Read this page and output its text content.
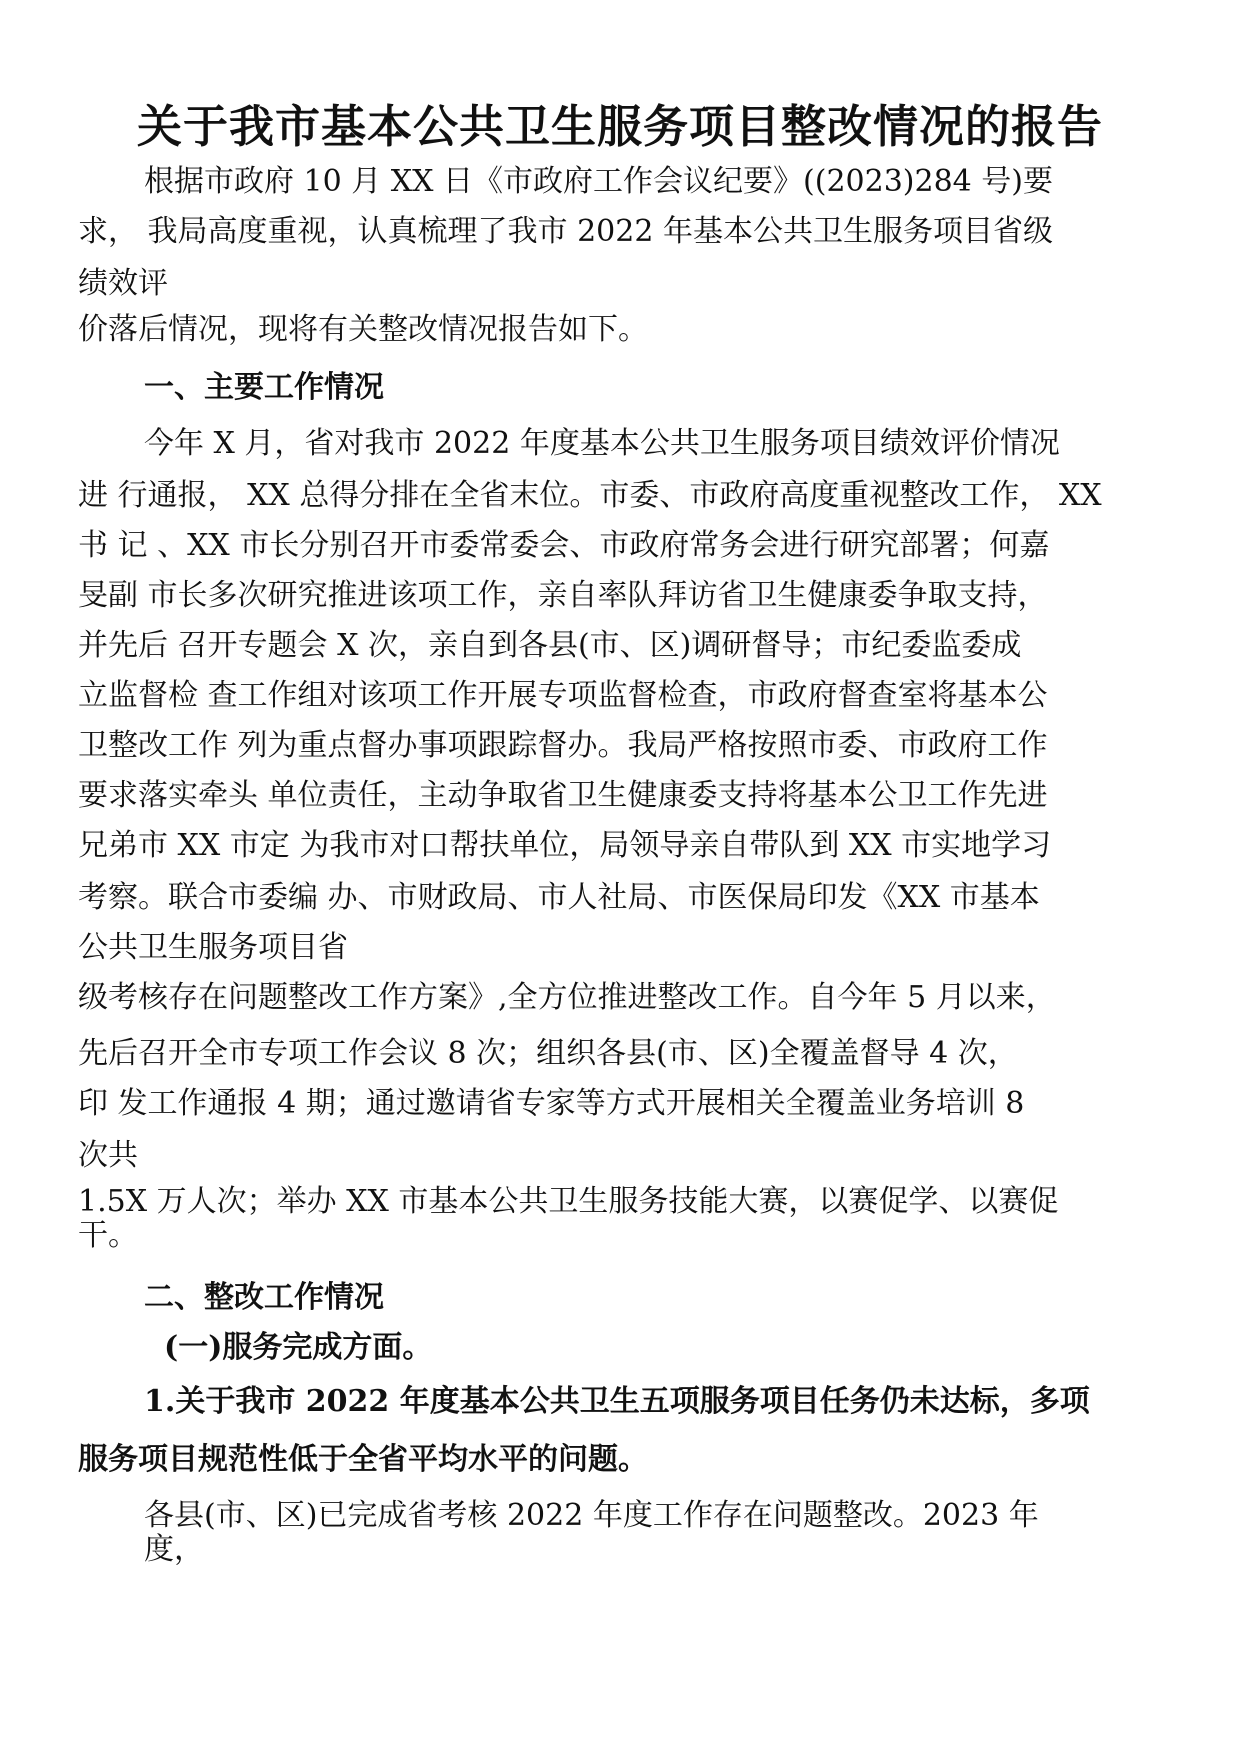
关于我市基本公共卫生服务项目整改情况的报告
根据市政府 10 月 XX 日《市政府工作会议纪要》((2023)284 号)要
求， 我局高度重视，认真梳理了我市 2022 年基本公共卫生服务项目省级
绩效评
价落后情况，现将有关整改情况报告如下。
一、主要工作情况
今年 X 月，省对我市 2022 年度基本公共卫生服务项目绩效评价情况
进 行通报， XX 总得分排在全省末位。市委、市政府高度重视整改工作， XX
书 记 、XX 市长分别召开市委常委会、市政府常务会进行研究部署；何嘉
旻副 市长多次研究推进该项工作，亲自率队拜访省卫生健康委争取支持，
并先后 召开专题会 X 次，亲自到各县(市、区)调研督导；市纪委监委成
立监督检 查工作组对该项工作开展专项监督检查，市政府督查室将基本公
卫整改工作 列为重点督办事项跟踪督办。我局严格按照市委、市政府工作
要求落实牵头 单位责任，主动争取省卫生健康委支持将基本公卫工作先进
兄弟市 XX 市定 为我市对口帮扶单位，局领导亲自带队到 XX 市实地学习
考察。联合市委编 办、市财政局、市人社局、市医保局印发《XX 市基本
公共卫生服务项目省
级考核存在问题整改工作方案》,全方位推进整改工作。自今年 5 月以来，
先后召开全市专项工作会议 8 次；组织各县(市、区)全覆盖督导 4 次，
印 发工作通报 4 期；通过邀请省专家等方式开展相关全覆盖业务培训 8
次共
1.5X 万人次；举办 XX 市基本公共卫生服务技能大赛，以赛促学、以赛促
干。
二、整改工作情况
(一)服务完成方面。
1.关于我市 2022 年度基本公共卫生五项服务项目任务仍未达标，多项
服务项目规范性低于全省平均水平的问题。
各县(市、区)已完成省考核 2022 年度工作存在问题整改。2023 年
度，
